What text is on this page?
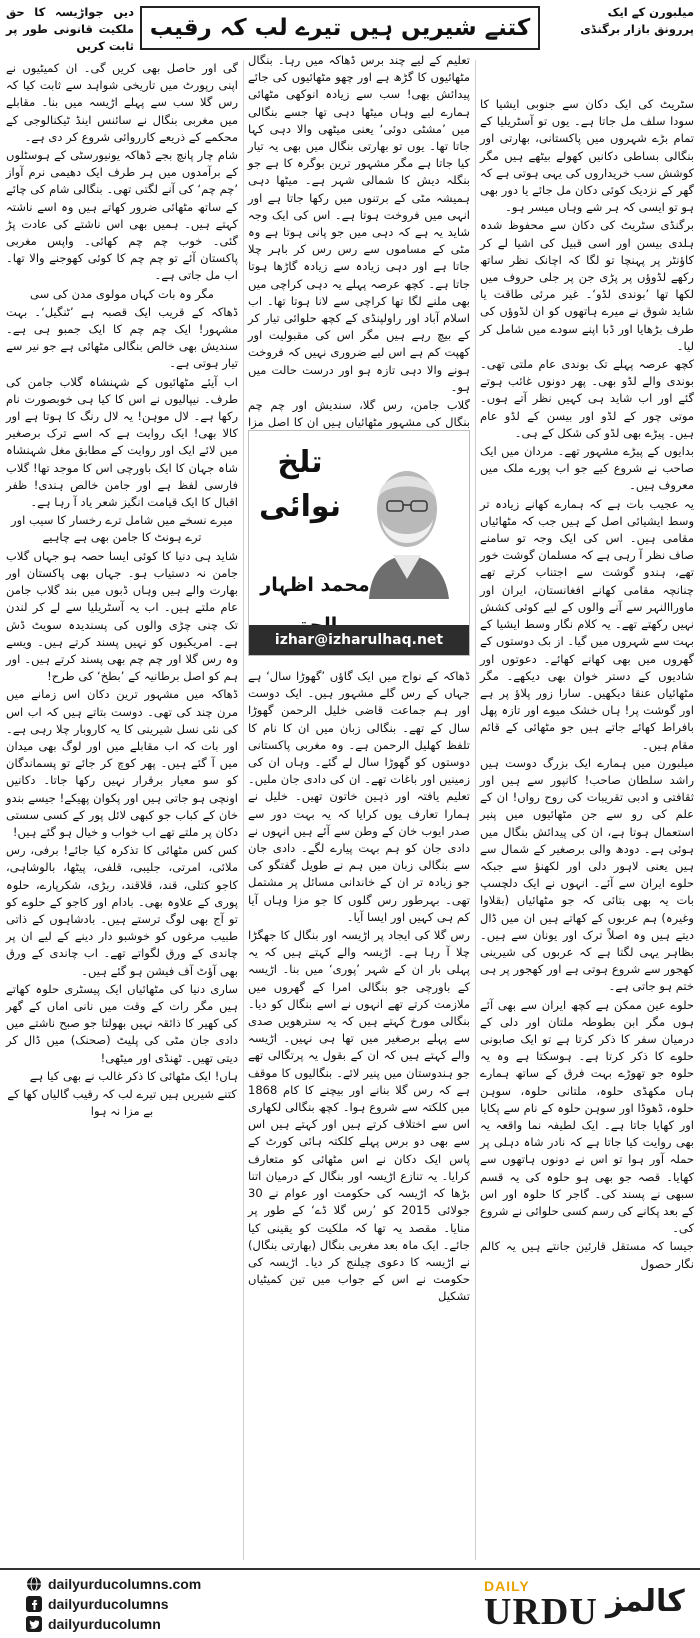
دیں جواڑیسہ کا حق ملکیت قانونی طور پر ثابت کریں
کتنے شیریں ہیں تیرے لب کہ رقیب
میلبورن کے ایک
پررونق بازار برگنڈی

سٹریٹ کی ایک دکان سے جنوبی ایشیا کا سودا سلف مل جاتا ہے۔ یوں تو آسٹریلیا کے تمام بڑے شہروں میں پاکستانی، بھارتی اور بنگالی بساطی دکانیں کھولے بیٹھے ہیں مگر کوشش سب خریداروں کی یہی ہوتی ہے کہ گھر کے نزدیک کوئی دکان مل جائے یا دور بھی ہو تو ایسی کہ ہر شے وہاں میسر ہو۔

برگنڈی سٹریٹ کی دکان سے محفوظ شدہ ہلدی بیسن اور اسی قبیل کی اشیا لے کر کاؤنٹر پر پہنچا تو لگا کہ اچانک نظر ساتھ رکھے لڈوؤں پر پڑی جن پر جلی حروف میں لکھا تھا ’بوندی لڈو‘۔ غیر مرئی طاقت یا شاید شوق نے میرے ہاتھوں کو ان لڈوؤں کی طرف بڑھایا اور ڈبا اپنے سودے میں شامل کر لیا۔

کچھ عرصہ پہلے تک بوندی عام ملتی تھی۔ بوندی والے لڈو بھی۔ پھر دونوں غائب ہوتے گئے اور اب شاید ہی کہیں نظر آتے ہوں۔ موتی چور کے لڈو اور بیسن کے لڈو عام ہیں۔ پیڑے بھی لڈو کی شکل کے ہی۔

بدایوں کے پیڑے مشہور تھے۔ مردان میں ایک صاحب نے شروع کیے جو اب پورے ملک میں معروف ہیں۔

یہ عجیب بات ہے کہ ہمارے کھانے زیادہ تر وسط ایشیائی اصل کے ہیں جب کہ مٹھائیاں مقامی ہیں۔ اس کی ایک وجہ تو سامنے صاف نظر آ رہی ہے کہ مسلمان گوشت خور تھے، ہندو گوشت سے اجتناب کرتے تھے چنانچہ مقامی کھانے افغانستان، ایران اور ماوراالنہر سے آنے والوں کے لیے کوئی کشش نہیں رکھتے تھے۔ یہ کلام نگار وسط ایشیا کے بہت سے شہروں میں گیا۔ از بک دوستوں کے گھروں میں بھی کھانے کھائے۔ دعوتوں اور شادیوں کے دستر خوان بھی دیکھے۔ مگر مٹھائیاں عنقا دیکھیں۔ سارا زور پلاؤ پر ہے اور گوشت پر! ہاں خشک میوے اور تازہ پھل بافراط کھائے جاتے ہیں جو مٹھائی کے قائم مقام ہیں۔

میلبورن میں ہمارے ایک بزرگ دوست ہیں راشد سلطان صاحب! کانپور سے ہیں اور ثقافتی و ادبی تقریبات کی روح رواں! ان کے علم کی رو سے جن مٹھائیوں میں پنیر استعمال ہوتا ہے، ان کی پیدائش بنگال میں ہوئی ہے۔ دودھ والی برصغیر کے شمال سے ہیں یعنی لاہور دلی اور لکھنؤ سے جبکہ حلوے ایران سے آئے۔ انہوں نے ایک دلچسپ بات یہ بھی بتائی کہ جو مٹھائیاں (بقلاوا وغیرہ) ہم عربوں کے کھاتے ہیں ان میں ڈال دیتے ہیں وہ اصلاً ترک اور یونان سے ہیں۔ بظاہر یہی لگتا ہے کہ عربوں کی شیرینی کھجور سے شروع ہوتی ہے اور کھجور پر ہی ختم ہو جاتی ہے۔

حلوے عین ممکن ہے کچھ ایران سے بھی آئے ہوں مگر ابن بطوطہ ملتان اور دلی کے درمیان سفر کا ذکر کرتا ہے تو ایک صابونی حلوے کا ذکر کرتا ہے۔ ہوسکتا ہے وہ یہ حلوہ جو تھوڑے بہت فرق کے ساتھ ہمارے ہاں مکھڈی حلوہ، ملتانی حلوہ، سوہن حلوہ، ڈھوڈا اور سوہن حلوہ کے نام سے پکایا اور کھایا جاتا ہے۔ ایک لطیفہ نما واقعہ یہ بھی روایت کیا جاتا ہے کہ نادر شاہ دہلی پر حملہ آور ہوا تو اس نے دونوں ہاتھوں سے کھایا۔ قصہ جو بھی ہو حلوہ کی یہ قسم سبھی نے پسند کی۔ گاجر کا حلوہ اور اس کے بعد پکانے کی رسم کسی حلوائی نے شروع کی۔

جیسا کہ مستقل قارئین جانتے ہیں یہ کالم نگار حصول

تعلیم کے لیے چند برس ڈھاکہ میں رہا۔ بنگال مٹھائیوں کا گڑھ ہے اور چھو مٹھائیوں کی جائے پیدائش بھی! سب سے زیادہ انوکھی مٹھائی ہمارے لیے وہاں میٹھا دہی تھا جسے بنگالی میں ’مشٹی دوئی‘ یعنی میٹھی والا دہی کہا جاتا تھا۔ یوں تو بھارتی بنگال میں بھی یہ تیار کیا جاتا ہے مگر مشہور ترین بوگرہ کا ہے جو بنگلہ دیش کا شمالی شہر ہے۔ میٹھا دہی ہمیشہ مٹی کے برتنوں میں رکھا جاتا ہے اور انہی میں فروخت ہوتا ہے۔ اس کی ایک وجہ شاید یہ ہے کہ دہی میں جو پانی ہوتا ہے وہ مٹی کے مساموں سے رس رس کر باہر چلا جاتا ہے اور دہی زیادہ سے زیادہ گاڑھا ہوتا جاتا ہے۔ کچھ عرصہ پہلے یہ دہی کراچی میں بھی ملنے لگا تھا کراچی سے لانا ہوتا تھا۔ اب اسلام آباد اور راولپنڈی کے کچھ حلوائی تیار کر کے بیچ رہے ہیں مگر اس کی مقبولیت اور کھپت کم ہے اس لیے ضروری نہیں کہ فروخت ہونے والا دہی تازہ ہو اور درست حالت میں ہو۔

گلاب جامن، رس گلا، سندیش اور چم چم بنگال کی مشہور مٹھائیاں ہیں ان کا اصل مزا

ڈھاکہ کے نواح میں ایک گاؤں ’گھوڑا سال‘ ہے جہاں کے رس گلے مشہور ہیں۔ ایک دوست اور ہم جماعت قاضی خلیل الرحمن گھوڑا سال کے تھے۔ بنگالی زبان میں ان کا نام کا تلفظ کھلیل الرحمن ہے۔ وہ مغربی پاکستانی دوستوں کو گھوڑا سال لے گئے۔ وہاں ان کی زمینیں اور باغات تھے۔ ان کی دادی جان ملیں۔ تعلیم یافتہ اور ذہین خاتون تھیں۔ خلیل نے ہمارا تعارف یوں کرایا کہ یہ بہت دور سے صدر ایوب خان کے وطن سے آئے ہیں انہوں نے دادی جان کو ہم بہت پیارے لگے۔ دادی جان سے بنگالی زبان میں ہم نے طویل گفتگو کی جو زیادہ تر ان کے خاندانی مسائل پر مشتمل تھی۔ بہرطور رس گلوں کا جو مزا وہاں آیا کم ہی کہیں اور ایسا آیا۔

رس گلا کی ایجاد پر اڑیسہ اور بنگال کا جھگڑا چلا آ رہا ہے۔ اڑیسہ والے کہتے ہیں کہ یہ پہلی بار ان کے شہر ’پوری‘ میں بنا۔ اڑیسہ کے باورچی جو بنگالی امرا کے گھروں میں ملازمت کرتے تھے انہوں نے اسے بنگال کو دیا۔ بنگالی مورخ کہتے ہیں کہ یہ سترھویں صدی سے پہلے برصغیر میں تھا ہی نہیں۔ اڑیسہ والے کہتے ہیں کہ ان کے بقول یہ پرتگالی تھے جو ہندوستان میں پنیر لائے۔ بنگالیوں کا موقف ہے کہ رس گلا بنانے اور بیچنے کا کام 1868 میں کلکتہ سے شروع ہوا۔ کچھ بنگالی لکھاری اس سے اختلاف کرتے ہیں اور کہتے ہیں اس سے بھی دو برس پہلے کلکتہ ہائی کورٹ کے پاس ایک دکان نے اس مٹھائی کو متعارف کرایا۔ یہ تنازع اڑیسہ اور بنگال کے درمیان اتنا بڑھا کہ اڑیسہ کی حکومت اور عوام نے 30 جولائی 2015 کو ’رس گلا ڈے‘ کے طور پر منایا۔ مقصد یہ تھا کہ ملکیت کو یقینی کیا جائے۔ ایک ماہ بعد مغربی بنگال (بھارتی بنگال) نے اڑیسہ کا دعوی چیلنج کر دیا۔ اڑیسہ کی حکومت نے اس کے جواب میں تین کمیٹیاں تشکیل

تلخ نوائی
محمد اظہار
izhar@izharulhaq.net

گی اور حاصل بھی کریں گی۔ ان کمیٹیوں نے اپنی رپورٹ میں تاریخی شواہد سے ثابت کیا کہ رس گلا سب سے پہلے اڑیسہ میں بنا۔ مقابلے میں مغربی بنگال نے سائنس اینڈ ٹیکنالوجی کے محکمے کے ذریعے کارروائی شروع کر دی ہے۔

شام چار پانچ بجے ڈھاکہ یونیورسٹی کے ہوسٹلوں کے برآمدوں میں ہر طرف ایک دھیمی نرم آواز ’چم چم‘ کی آنے لگتی تھی۔ بنگالی شام کی چائے کے ساتھ مٹھائی ضرور کھاتے ہیں وہ اسے ناشتہ کہتے ہیں۔ ہمیں بھی اس ناشتے کی عادت پڑ گئی۔ خوب چم چم کھائی۔ واپس مغربی پاکستان آئے تو چم چم کا کوئی کھوجنے والا تھا۔ اب مل جاتی ہے۔

مگر وہ بات کہاں مولوی مدن کی سی

ڈھاکہ کے قریب ایک قصبہ ہے ’ٹنگیل‘۔ بہت مشہور! ایک چم چم کا ایک جمبو ہی ہے۔ سندیش بھی خالص بنگالی مٹھائی ہے جو نیر سے تیار ہوتی ہے۔

اب آیئے مٹھائیوں کے شہنشاہ گلاب جامن کی طرف۔ نیپالیوں نے اس کا کیا ہی خوبصورت نام رکھا ہے۔ لال موہن! یہ لال رنگ کا ہوتا ہے اور کالا بھی! ایک روایت ہے کہ اسے ترک برصغیر میں لائے ایک اور روایت کے مطابق مغل شہنشاہ شاہ جہان کا ایک باورچی اس کا موجد تھا! گلاب فارسی لفظ ہے اور جامن خالص ہندی! ظفر اقبال کا ایک قیامت انگیز شعر یاد آ رہا ہے۔

میرے نسخے میں شامل ترے رخسار کا سیب اور ترے ہونٹ کا جامن بھی ہے چاہیے

شاید ہی دنیا کا کوئی ایسا حصہ ہو جہاں گلاب جامن نہ دستیاب ہو۔ جہاں بھی پاکستان اور بھارت والے ہیں وہاں ڈبوں میں بند گلاب جامن عام ملتے ہیں۔ اب یہ آسٹریلیا سے لے کر لندن تک چنی چڑی والوں کی پسندیدہ سویٹ ڈش ہے۔ امریکیوں کو نہیں پسند کرتے ہیں۔ ویسے وہ رس گلا اور چم چم بھی پسند کرتے ہیں۔ اور ہم کو اصل برطانیہ کے ’بطخ‘ کی طرح!

ڈھاکہ میں مشہور ترین دکان اس زمانے میں مرن چند کی تھی۔ دوست بتاتے ہیں کہ اب اس کی نئی نسل شیرینی کا یہ کاروبار چلا رہی ہے۔ اور بات کہ اب مقابلے میں اور لوگ بھی میدان میں آ گئے ہیں۔ پھر کوچ کر جائے تو پسماندگان کو سو معیار برقرار نہیں رکھا جاتا۔ دکانیں اونچی ہو جاتی ہیں اور پکوان پھیکے! جیسے بندو خان کے کباب جو کبھی لائل پور کے کسی سستی دکان پر ملتے تھے اب خواب و خیال ہو گئے ہیں!

کس کس مٹھائی کا تذکرہ کیا جائے! برفی، رس ملائی، امرتی، جلیبی، قلفی، پیٹھا، بالوشاہی، کاجو کتلی، قند، قلاقند، ربڑی، شکرپارے، حلوہ پوری کے علاوہ بھی۔ بادام اور کاجو کے حلوے کو تو آج بھی لوگ ترستے ہیں۔ بادشاہوں کے ذاتی طبیب مرغوں کو خوشبو دار دینے کے لیے ان پر چاندی کے ورق لگواتے تھے۔ اب چاندی کے ورق بھی آؤٹ آف فیشن ہو گئے ہیں۔

ساری دنیا کی مٹھائیاں ایک پیسٹری حلوہ کھاتے ہیں مگر رات کے وقت میں نانی اماں کے گھر کی کھیر کا ذائقہ نہیں بھولتا جو صبح ناشتے میں دادی جان مٹی کی پلیٹ (صحنک) میں ڈال کر دیتی تھیں۔ ٹھنڈی اور میٹھی!

ہاں! ایک مٹھائی کا ذکر غالب نے بھی کیا ہے

کتنے شیریں ہیں تیرے لب کہ رقیب گالیاں کھا کے بے مزا نہ ہوا

dailyurducolumns.com
dailyurducolumns
dailyurducolumn
DAILY
URDU کالمز
